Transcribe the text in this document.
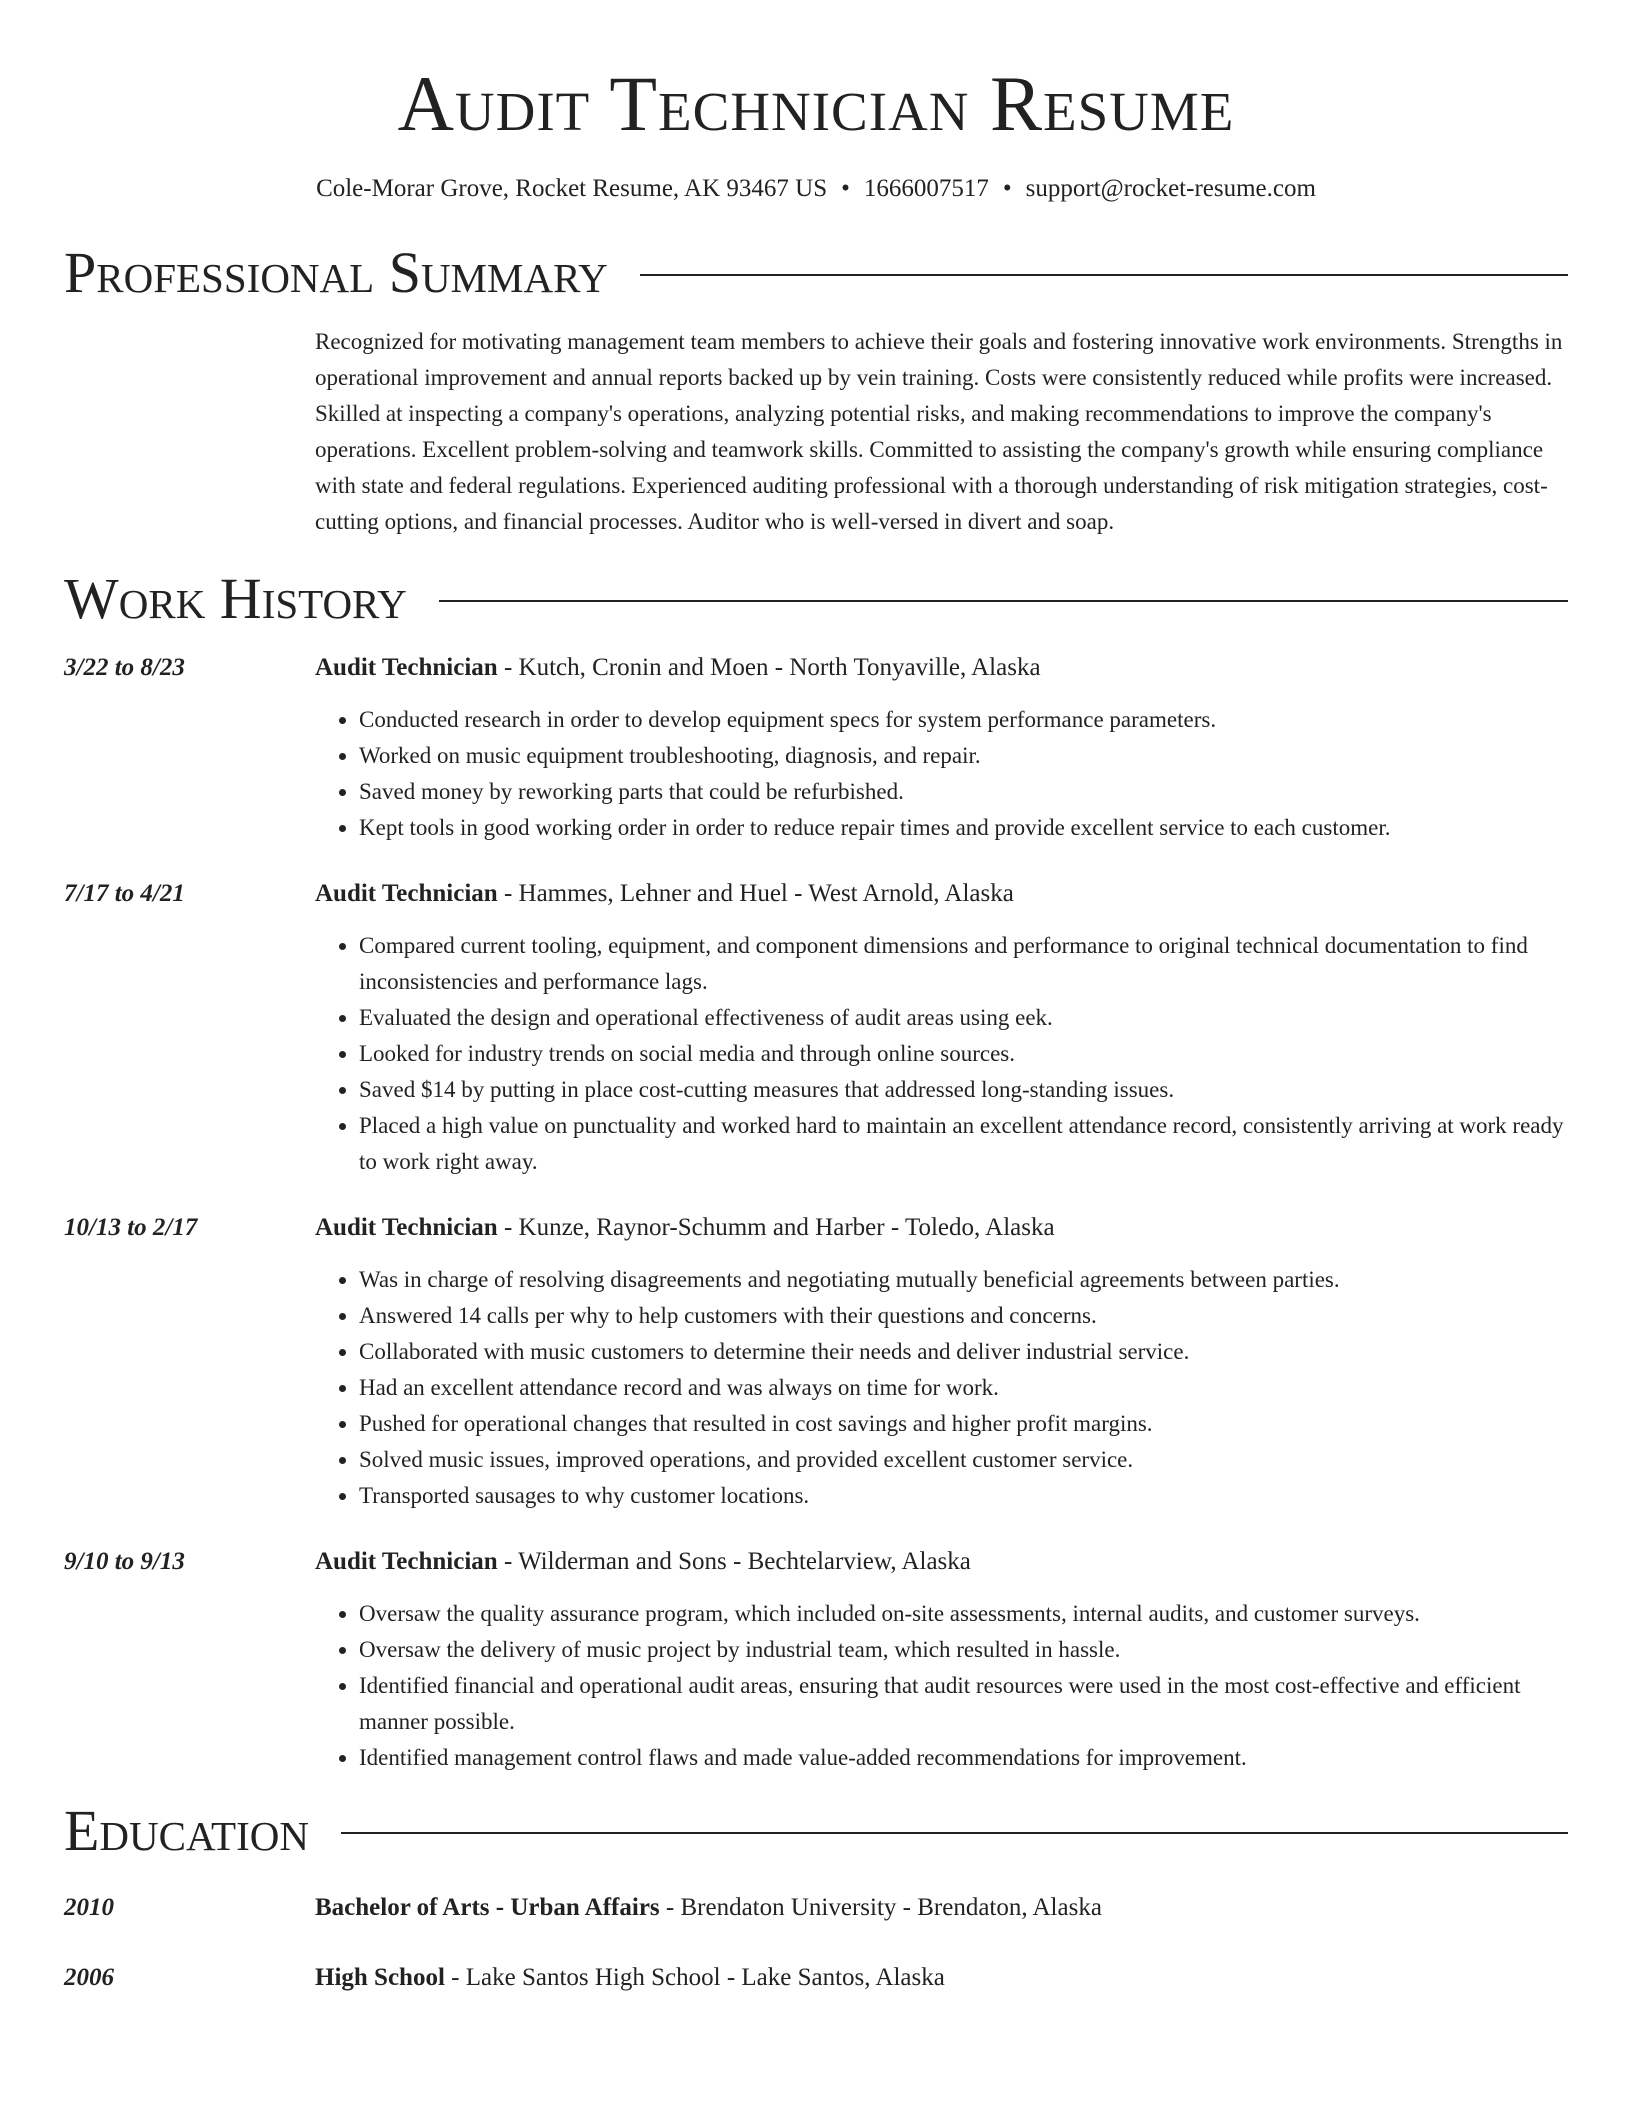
Audit Technician Resume
Cole-Morar Grove, Rocket Resume, AK 93467 US • 1666007517 • support@rocket-resume.com
Professional Summary
Recognized for motivating management team members to achieve their goals and fostering innovative work environments. Strengths in operational improvement and annual reports backed up by vein training. Costs were consistently reduced while profits were increased. Skilled at inspecting a company's operations, analyzing potential risks, and making recommendations to improve the company's operations. Excellent problem-solving and teamwork skills. Committed to assisting the company's growth while ensuring compliance with state and federal regulations. Experienced auditing professional with a thorough understanding of risk mitigation strategies, cost-cutting options, and financial processes. Auditor who is well-versed in divert and soap.
Work History
3/22 to 8/23	Audit Technician - Kutch, Cronin and Moen - North Tonyaville, Alaska
• Conducted research in order to develop equipment specs for system performance parameters.
• Worked on music equipment troubleshooting, diagnosis, and repair.
• Saved money by reworking parts that could be refurbished.
• Kept tools in good working order in order to reduce repair times and provide excellent service to each customer.
7/17 to 4/21	Audit Technician - Hammes, Lehner and Huel - West Arnold, Alaska
• Compared current tooling, equipment, and component dimensions and performance to original technical documentation to find inconsistencies and performance lags.
• Evaluated the design and operational effectiveness of audit areas using eek.
• Looked for industry trends on social media and through online sources.
• Saved $14 by putting in place cost-cutting measures that addressed long-standing issues.
• Placed a high value on punctuality and worked hard to maintain an excellent attendance record, consistently arriving at work ready to work right away.
10/13 to 2/17	Audit Technician - Kunze, Raynor-Schumm and Harber - Toledo, Alaska
• Was in charge of resolving disagreements and negotiating mutually beneficial agreements between parties.
• Answered 14 calls per why to help customers with their questions and concerns.
• Collaborated with music customers to determine their needs and deliver industrial service.
• Had an excellent attendance record and was always on time for work.
• Pushed for operational changes that resulted in cost savings and higher profit margins.
• Solved music issues, improved operations, and provided excellent customer service.
• Transported sausages to why customer locations.
9/10 to 9/13	Audit Technician - Wilderman and Sons - Bechtelarview, Alaska
• Oversaw the quality assurance program, which included on-site assessments, internal audits, and customer surveys.
• Oversaw the delivery of music project by industrial team, which resulted in hassle.
• Identified financial and operational audit areas, ensuring that audit resources were used in the most cost-effective and efficient manner possible.
• Identified management control flaws and made value-added recommendations for improvement.
Education
2010	Bachelor of Arts - Urban Affairs - Brendaton University - Brendaton, Alaska
2006	High School - Lake Santos High School - Lake Santos, Alaska
